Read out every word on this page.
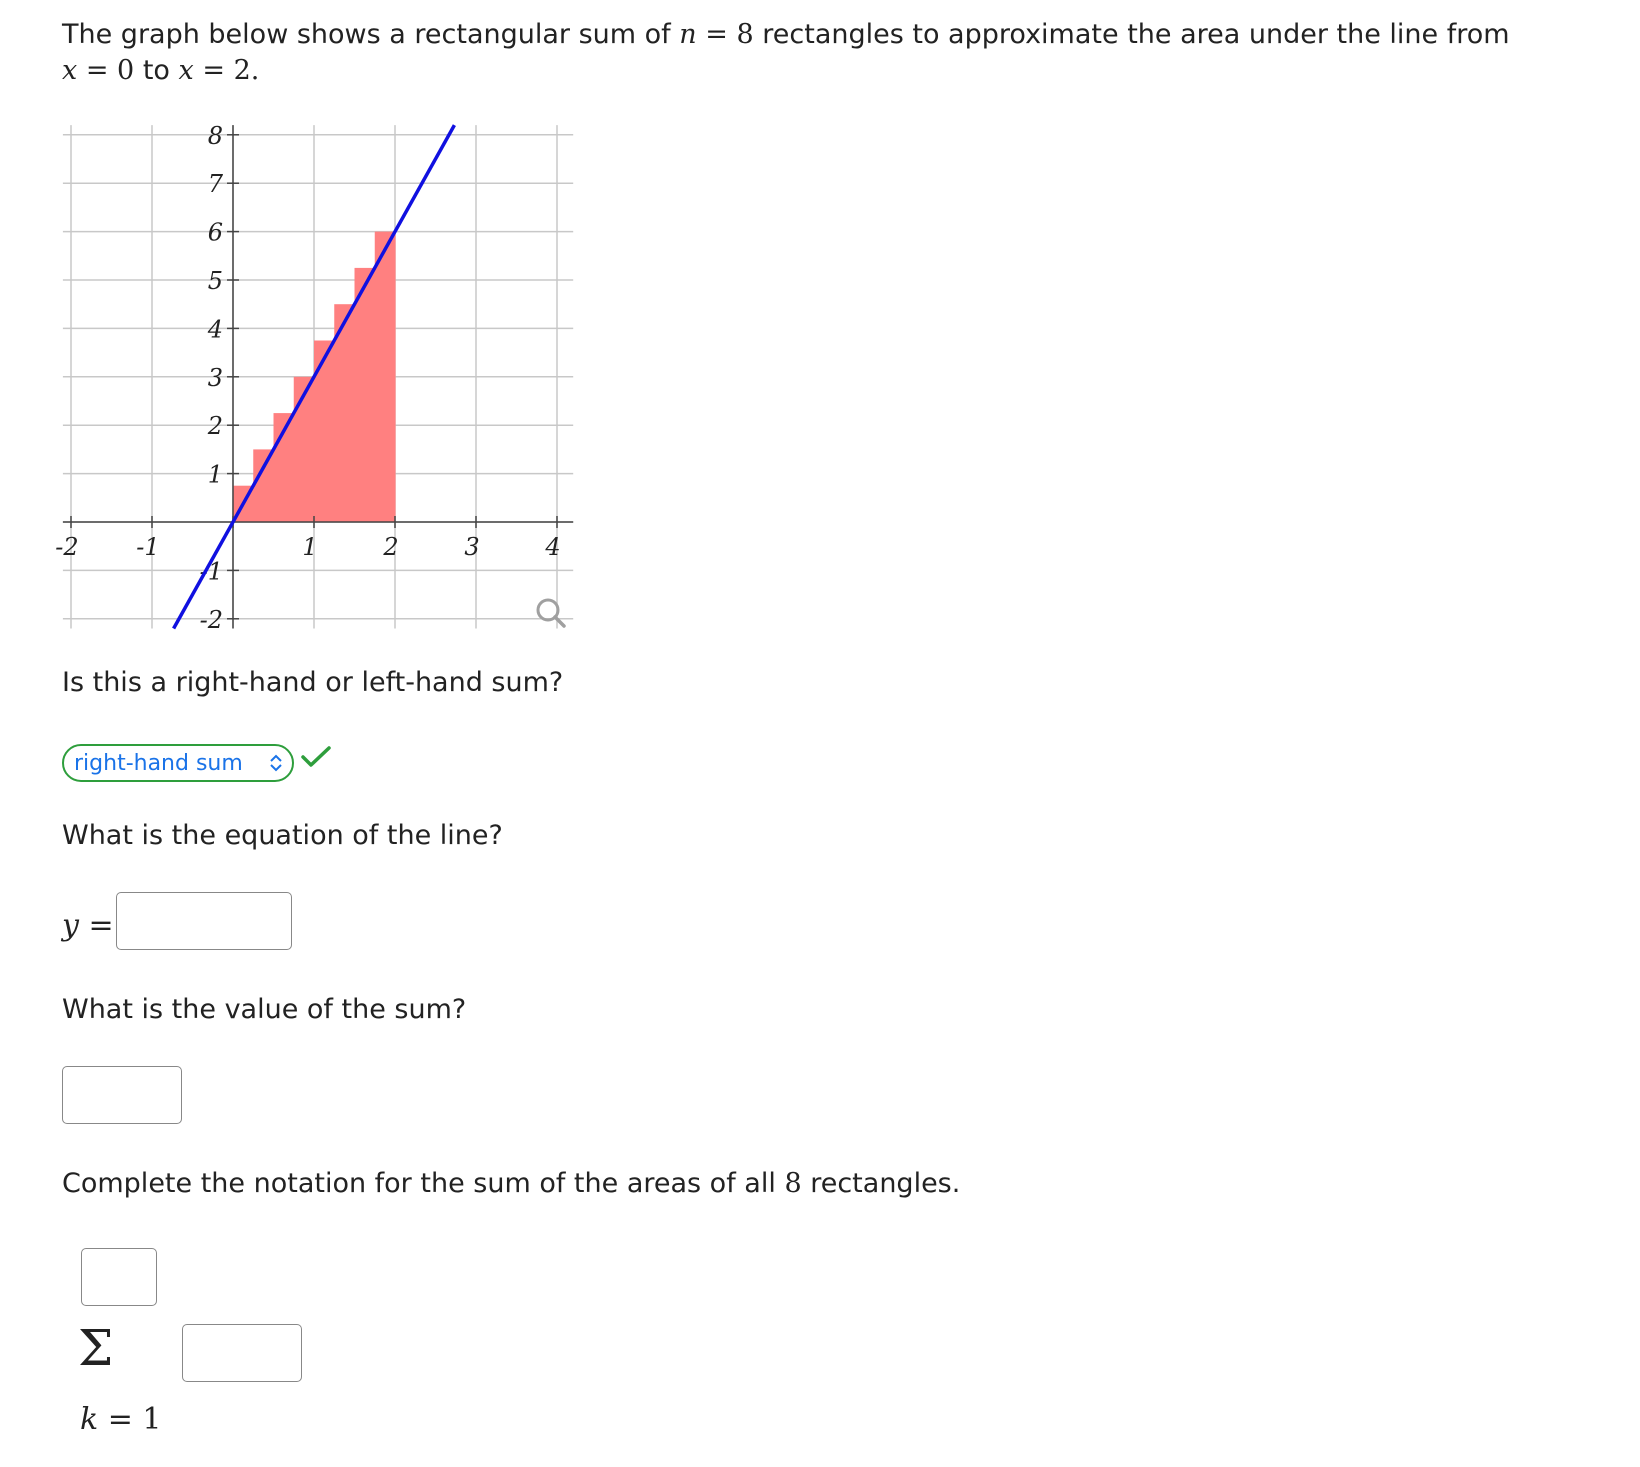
The graph below shows a rectangular sum of n = 8 rectangles to approximate the area under the line from
x = 0 to x = 2.
-2 -1	1	2	3	4
8
7
6
5
4
3
2
1
-1
-2
Is this a right-hand or left-hand sum?
right-hand sum
What is the equation of the line?
y =
What is the value of the sum?
Complete the notation for the sum of the areas of all 8 rectangles.
Σ
k = 1
